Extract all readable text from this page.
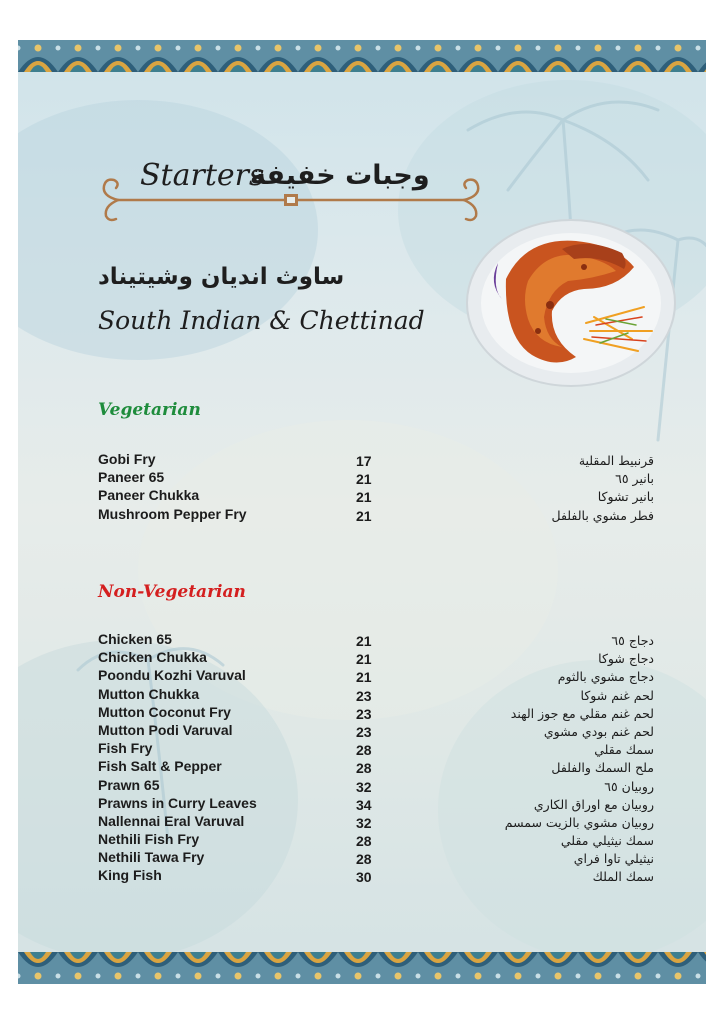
Starters
وجبات خفيفة
ساوث انديان وشيتيناد
South Indian & Chettinad
Vegetarian
Gobi Fry	17	قرنبيط المقلية
Paneer 65	21	بانير ٦٥
Paneer Chukka	21	بانير تشوكا
Mushroom Pepper Fry	21	فطر مشوي بالفلفل
Non-Vegetarian
Chicken 65	21	دجاج ٦٥
Chicken Chukka	21	دجاج شوكا
Poondu Kozhi Varuval	21	دجاج مشوي بالثوم
Mutton Chukka	23	لحم غنم شوكا
Mutton Coconut Fry	23	لحم غنم مقلي مع جوز الهند
Mutton Podi Varuval	23	لحم غنم بودي مشوي
Fish Fry	28	سمك مقلي
Fish Salt & Pepper	28	ملح السمك والفلفل
Prawn 65	32	روبيان ٦٥
Prawns in Curry Leaves	34	روبيان مع اوراق الكاري
Nallennai Eral Varuval	32	روبيان مشوي بالزيت سمسم
Nethili Fish Fry	28	سمك نيثيلي مقلي
Nethili Tawa Fry	28	نيثيلي تاوا فراي
King Fish	30	سمك الملك
